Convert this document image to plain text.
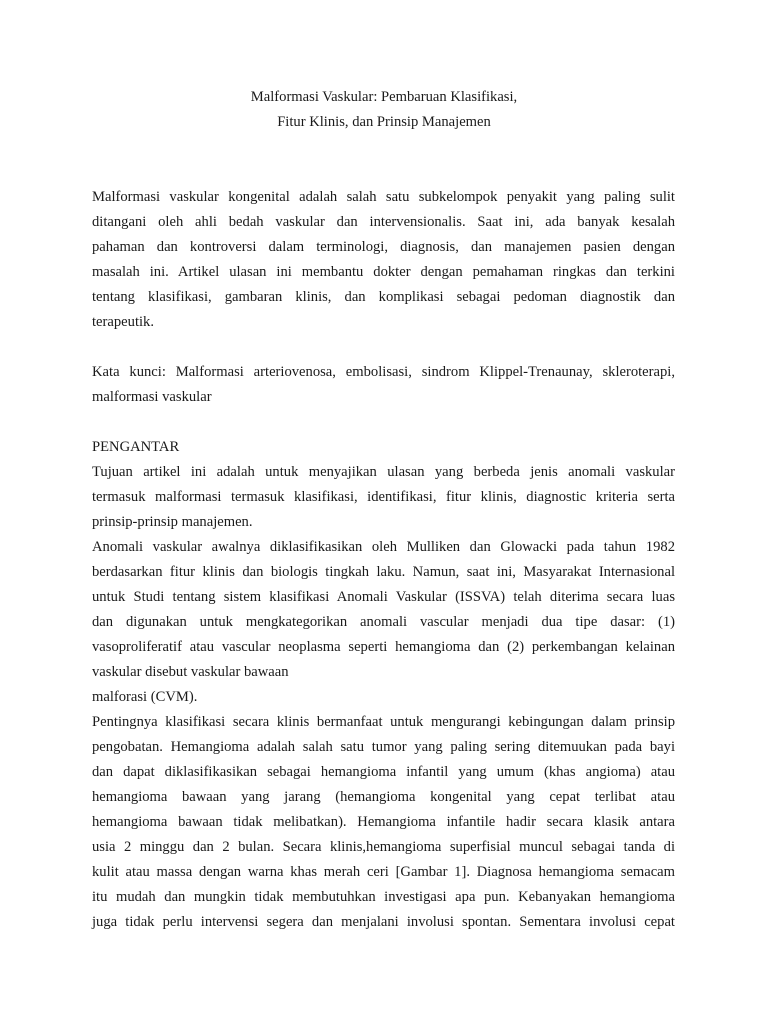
Malformasi Vaskular: Pembaruan Klasifikasi,
Fitur Klinis, dan Prinsip Manajemen
Malformasi vaskular kongenital adalah salah satu subkelompok penyakit yang paling sulit
ditangani oleh ahli bedah vaskular dan intervensionalis. Saat ini, ada banyak kesalah
pahaman dan kontroversi dalam terminologi, diagnosis, dan manajemen pasien dengan
masalah ini. Artikel ulasan ini membantu dokter dengan pemahaman ringkas dan terkini
tentang klasifikasi, gambaran klinis, dan komplikasi sebagai pedoman diagnostik dan
terapeutik.
Kata kunci: Malformasi arteriovenosa, embolisasi, sindrom Klippel-Trenaunay, skleroterapi,
malformasi vaskular
PENGANTAR
Tujuan artikel ini adalah untuk menyajikan ulasan yang berbeda jenis anomali vaskular
termasuk malformasi termasuk klasifikasi, identifikasi, fitur klinis, diagnostic kriteria serta
prinsip-prinsip manajemen.
Anomali vaskular awalnya diklasifikasikan oleh Mulliken dan Glowacki pada tahun 1982
berdasarkan fitur klinis dan biologis tingkah laku. Namun, saat ini, Masyarakat Internasional
untuk Studi tentang sistem klasifikasi Anomali Vaskular (ISSVA) telah diterima secara luas
dan digunakan untuk mengkategorikan anomali vascular menjadi dua tipe dasar: (1)
vasoproliferatif atau vascular neoplasma seperti hemangioma dan (2) perkembangan kelainan
vaskular disebut vaskular bawaan
malforasi (CVM).
Pentingnya klasifikasi secara klinis bermanfaat untuk mengurangi kebingungan dalam prinsip
pengobatan. Hemangioma adalah salah satu tumor yang paling sering ditemuukan pada bayi
dan dapat diklasifikasikan sebagai hemangioma infantil yang umum (khas angioma) atau
hemangioma bawaan yang jarang (hemangioma kongenital yang cepat terlibat atau
hemangioma bawaan tidak melibatkan). Hemangioma infantile hadir secara klasik antara
usia 2 minggu dan 2 bulan. Secara klinis,hemangioma superfisial muncul sebagai tanda di
kulit atau massa dengan warna khas merah ceri [Gambar 1]. Diagnosa hemangioma semacam
itu mudah dan mungkin tidak membutuhkan investigasi apa pun. Kebanyakan hemangioma
juga tidak perlu intervensi segera dan menjalani involusi spontan. Sementara involusi cepat
